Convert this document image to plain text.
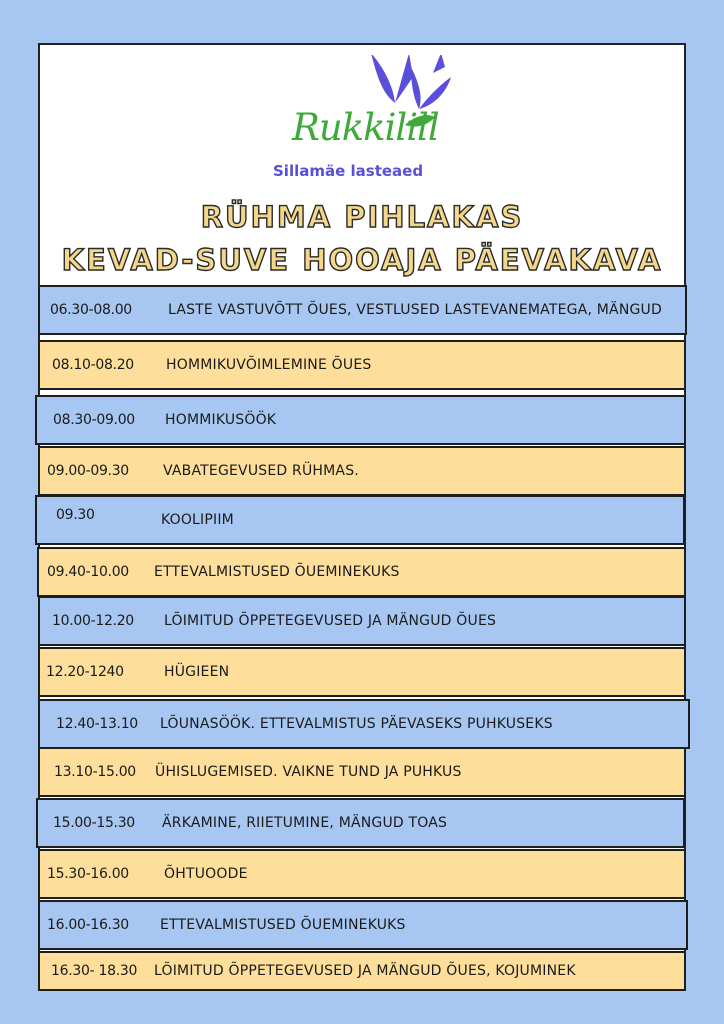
Rukkilill
Sillamäe lasteaed
RÜHMA PIHLAKAS
KEVAD-SUVE HOOAJA PÄEVAKAVA
06.30-08.00	LASTE VASTUVÕTT ÕUES, VESTLUSED LASTEVANEMATEGA, MÄNGUD
08.10-08.20 HOMMIKUVÕIMLEMINE ÕUES
08.30-09.00 HOMMIKUSÖÖK
09.00-09.30 VABATEGEVUSED RÜHMAS.
09.30	KOOLIPIIM
09.40-10.00 ETTEVALMISTUSED ÕUEMINEKUKS
10.00-12.20 LÕIMITUD ÕPPETEGEVUSED JA MÄNGUD ÕUES
12.20-1240	HÜGIEEN
12.40-13.10 LÕUNASÖÖK. ETTEVALMISTUS PÄEVASEKS PUHKUSEKS
13.10-15.00 ÜHISLUGEMISED. VAIKNE TUND JA PUHKUS
15.00-15.30 ÄRKAMINE, RIIETUMINE, MÄNGUD TOAS
15.30-16.00	ÕHTUOODE
16.00-16.30 ETTEVALMISTUSED ÕUEMINEKUKS
16.30- 18.30 LÕIMITUD ÕPPETEGEVUSED JA MÄNGUD ÕUES, KOJUMINEK
